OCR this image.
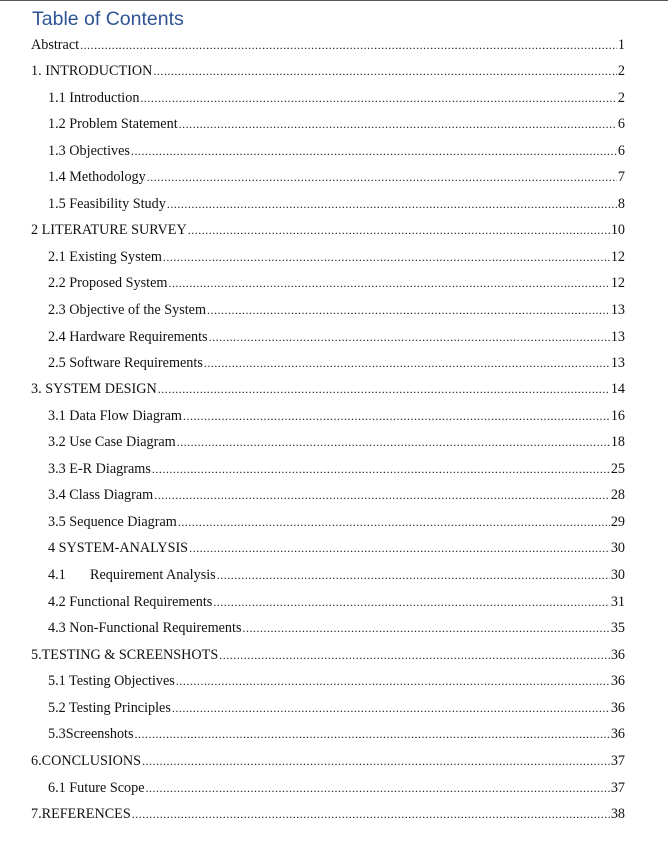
Table of Contents
Abstract .....	1
1. INTRODUCTION .....	2
1.1 Introduction .....	2
1.2 Problem Statement .....	6
1.3 Objectives .....	6
1.4 Methodology .....	7
1.5 Feasibility Study .....	8
2 LITERATURE SURVEY .....	10
2.1 Existing System .....	12
2.2 Proposed System .....	12
2.3 Objective of the System .....	13
2.4 Hardware Requirements .....	13
2.5 Software Requirements .....	13
3. SYSTEM DESIGN .....	14
3.1 Data Flow Diagram .....	16
3.2 Use Case Diagram .....	18
3.3 E-R Diagrams .....	25
3.4 Class Diagram .....	28
3.5 Sequence Diagram .....	29
4 SYSTEM-ANALYSIS .....	30
4.1 Requirement Analysis .....	30
4.2 Functional Requirements .....	31
4.3 Non-Functional Requirements .....	35
5.TESTING & SCREENSHOTS .....	36
5.1 Testing Objectives .....	36
5.2 Testing Principles .....	36
5.3Screenshots .....	36
6.CONCLUSIONS .....	37
6.1 Future Scope .....	37
7.REFERENCES .....	38
